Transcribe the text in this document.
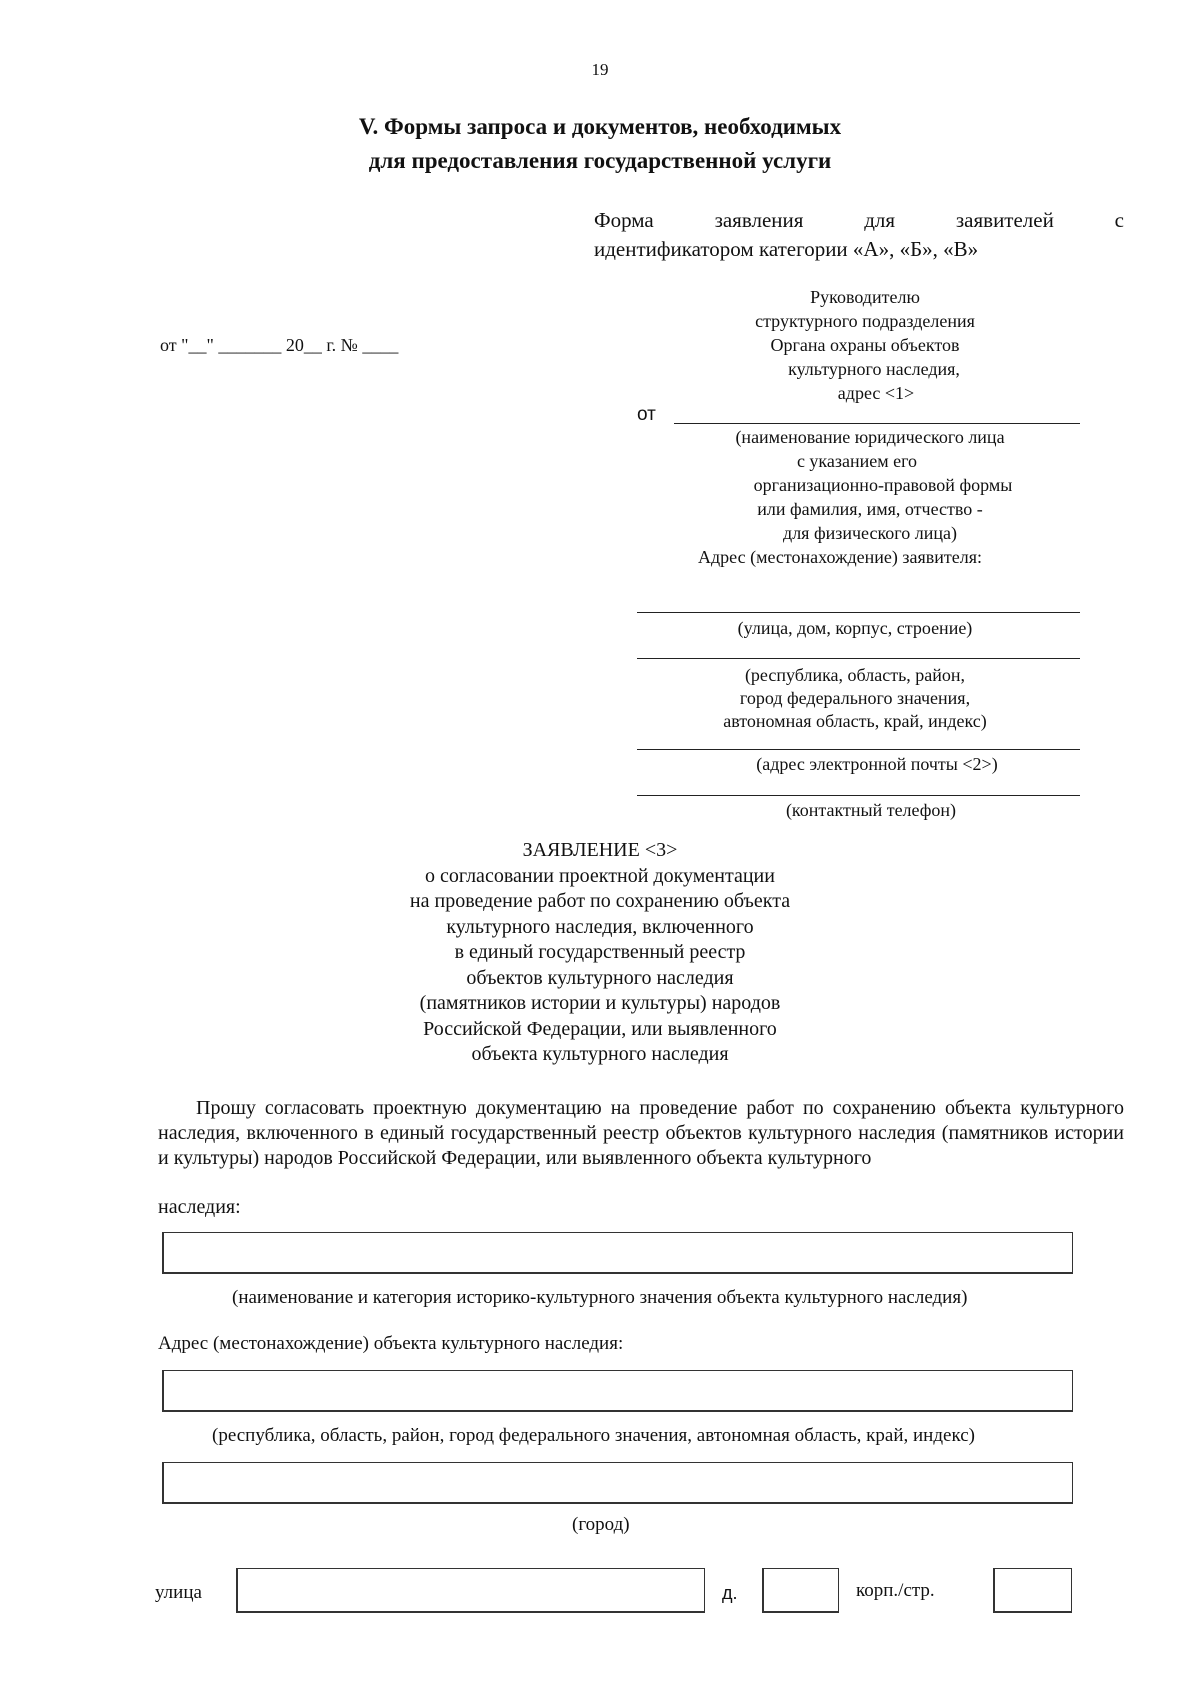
19
V. Формы запроса и документов, необходимых
для предоставления государственной услуги
Форма	заявления	для	заявителей	с
идентификатором категории «А», «Б», «В»
от "__" _______ 20__ г. № ____
Руководителю
структурного подразделения
Органа охраны объектов
культурного наследия,
адрес <1>
от
(наименование юридического лица
с указанием его
организационно-правовой формы
или фамилия, имя, отчество -
для физического лица)
Адрес (местонахождение) заявителя:
(улица, дом, корпус, строение)
(республика, область, район,
город федерального значения,
автономная область, край, индекс)
(адрес электронной почты <2>)
(контактный телефон)
ЗАЯВЛЕНИЕ <3>
о согласовании проектной документации
на проведение работ по сохранению объекта
культурного наследия, включенного
в единый государственный реестр
объектов культурного наследия
(памятников истории и культуры) народов
Российской Федерации, или выявленного
объекта культурного наследия
Прошу согласовать проектную документацию на проведение работ по сохранению объекта культурного наследия, включенного в единый государственный реестр объектов культурного наследия (памятников истории и культуры) народов Российской Федерации, или выявленного объекта культурного
наследия:
(наименование и категория историко-культурного значения объекта культурного наследия)
Адрес (местонахождение) объекта культурного наследия:
(республика, область, район, город федерального значения, автономная область, край, индекс)
(город)
улица	д.	корп./стр.
